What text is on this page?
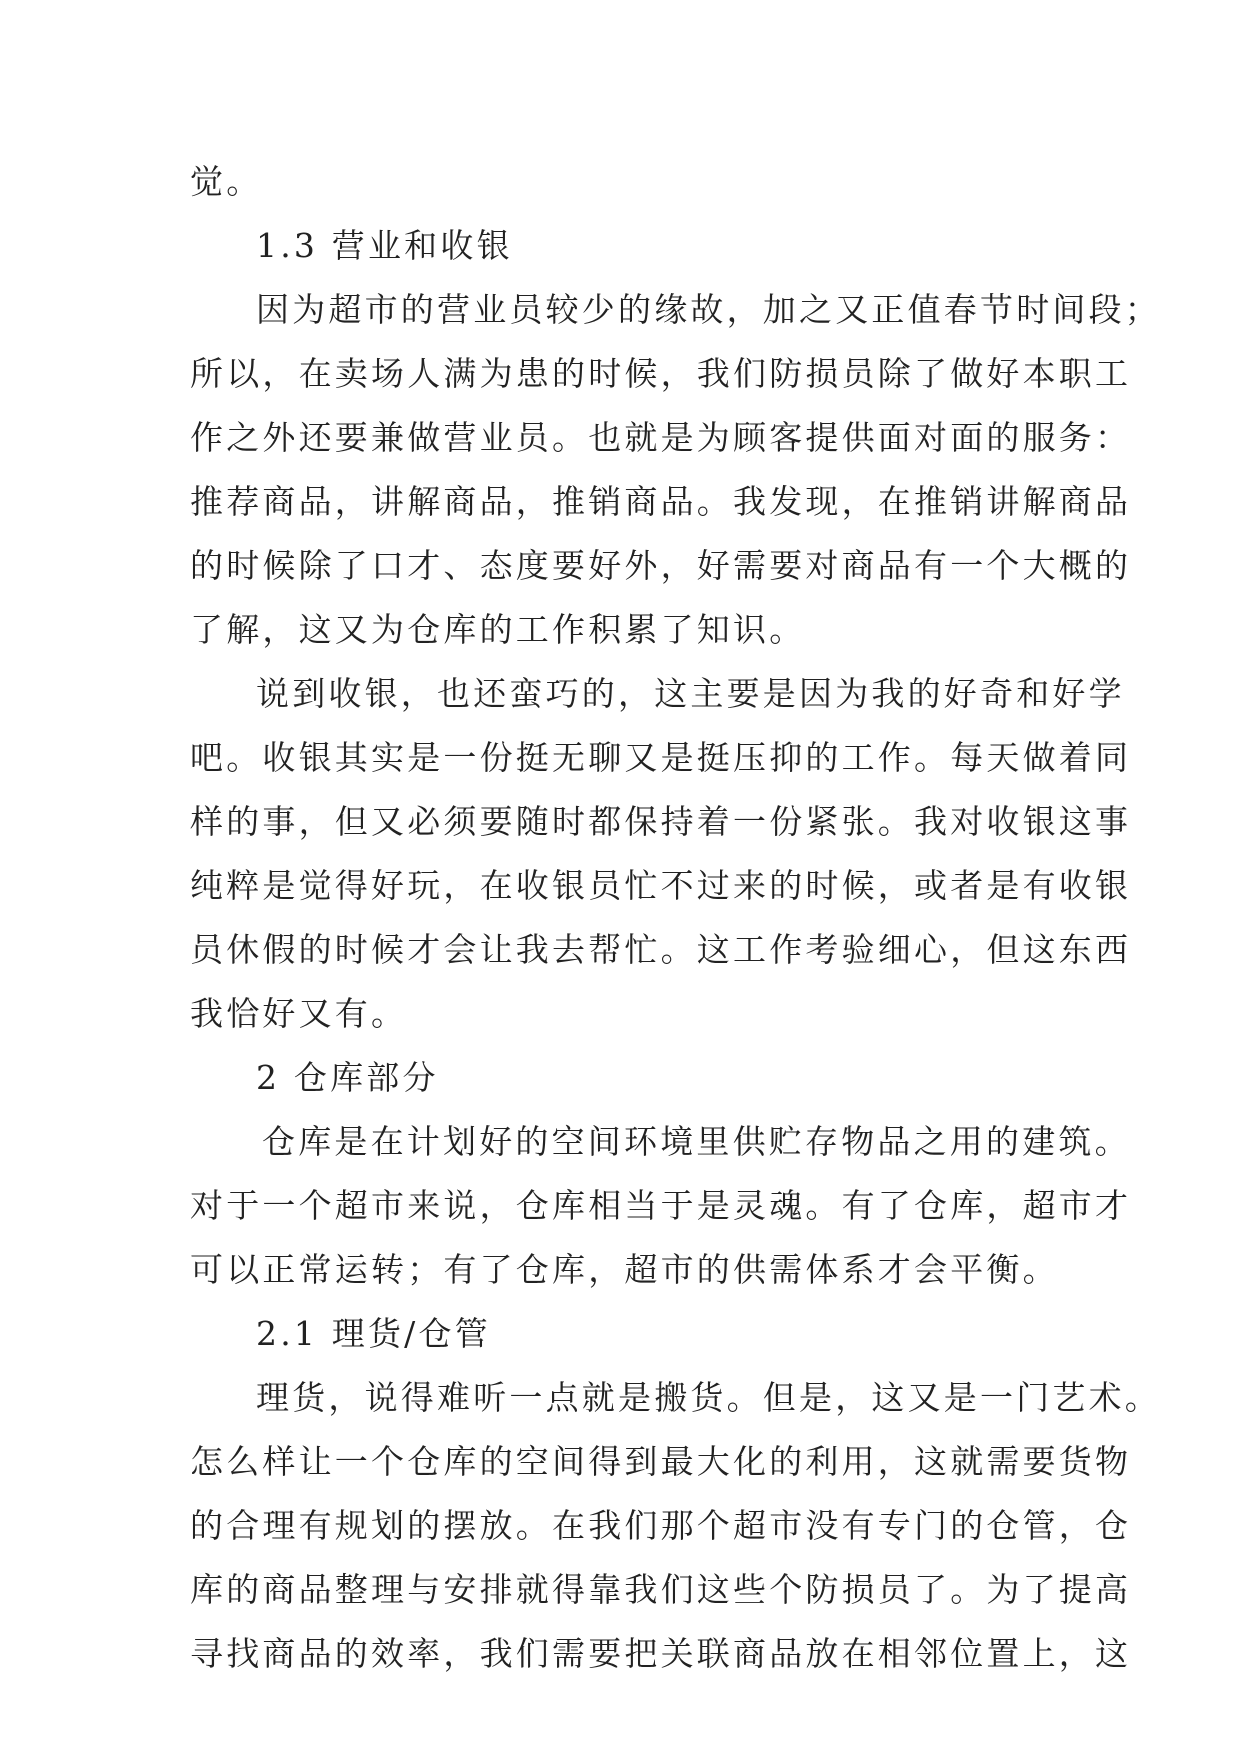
觉。
1.3 营业和收银
因为超市的营业员较少的缘故，加之又正值春节时间段；
所以，在卖场人满为患的时候，我们防损员除了做好本职工
作之外还要兼做营业员。也就是为顾客提供面对面的服务：
推荐商品，讲解商品，推销商品。我发现，在推销讲解商品
的时候除了口才、态度要好外，好需要对商品有一个大概的
了解，这又为仓库的工作积累了知识。
说到收银，也还蛮巧的，这主要是因为我的好奇和好学
吧。收银其实是一份挺无聊又是挺压抑的工作。每天做着同
样的事，但又必须要随时都保持着一份紧张。我对收银这事
纯粹是觉得好玩，在收银员忙不过来的时候，或者是有收银
员休假的时候才会让我去帮忙。这工作考验细心，但这东西
我恰好又有。
2 仓库部分
仓库是在计划好的空间环境里供贮存物品之用的建筑。
对于一个超市来说，仓库相当于是灵魂。有了仓库，超市才
可以正常运转；有了仓库，超市的供需体系才会平衡。
2.1 理货/仓管
理货，说得难听一点就是搬货。但是，这又是一门艺术。
怎么样让一个仓库的空间得到最大化的利用，这就需要货物
的合理有规划的摆放。在我们那个超市没有专门的仓管，仓
库的商品整理与安排就得靠我们这些个防损员了。为了提高
寻找商品的效率，我们需要把关联商品放在相邻位置上，这
